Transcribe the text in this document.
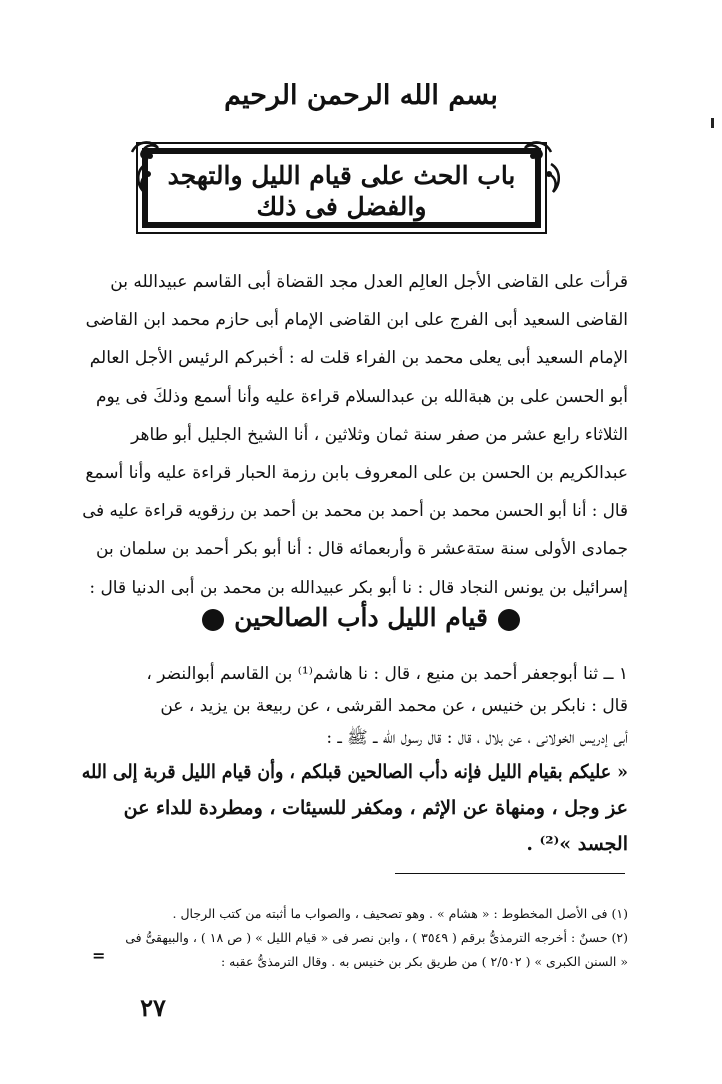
بسم الله الرحمن الرحيم
باب الحث على قيام الليل والتهجد
والفضل فى ذلك
قرأت على القاضى الأجل العالِم العدل مجد القضاة أبى القاسم عبيدالله بن
القاضى السعيد أبى الفرج على ابن القاضى الإمام أبى حازم محمد ابن القاضى
الإمام السعيد أبى يعلى محمد بن الفراء قلت له : أخبركم الرئيس الأجل العالم
أبو الحسن على بن هبةالله بن عبدالسلام قراءة عليه وأنا أسمع وذلكَ فى يوم
الثلاثاء رابع عشر من صفر سنة ثمان وثلاثين ، أنا الشيخ الجليل أبو طاهر
عبدالكريم بن الحسن بن على المعروف بابن رزمة الحبار قراءة عليه وأنا أسمع
قال : أنا أبو الحسن محمد بن أحمد بن محمد بن أحمد بن رزقويه قراءة عليه فى
جمادى الأولى سنة ستةعشر ة وأربعمائه قال : أنا أبو بكر أحمد بن سلمان بن
إسرائيل بن يونس النجاد قال : نا أبو بكر عبيدالله بن محمد بن أبى الدنيا قال :
قيام الليل دأب الصالحين
١ ــ ثنا أبوجعفر أحمد بن منيع ، قال : نا هاشم⁽¹⁾ بن القاسم أبوالنضر ،
قال : نابكر بن خنيس ، عن محمد القرشى ، عن ربيعة بن يزيد ، عن
أبى إدريس الخولانى ، عن بلال ، قال : قال رسول الله ــ ﷺ ــ :
« عليكم بقيام الليل فإنه دأب الصالحين قبلكم ، وأن قيام الليل قربة إلى الله
عز وجل ، ومنهاة عن الإثم ، ومكفر للسيئات ، ومطردة للداء عن
الجسد »⁽²⁾ .
(١) فى الأصل المخطوط : « هشام » . وهو تصحيف ، والصواب ما أثبته من كتب الرجال .
(٢) حسنٌ : أخرجه الترمذىُّ برقم ( ٣٥٤٩ ) ، وابن نصر فى « قيام الليل » ( ص ١٨ ) ، والبيهقىُّ فى
« السنن الكبرى » ( ٢/٥٠٢ ) من طريق بكر بن خنيس به . وقال الترمذىُّ عقبه :
=
٢٧
